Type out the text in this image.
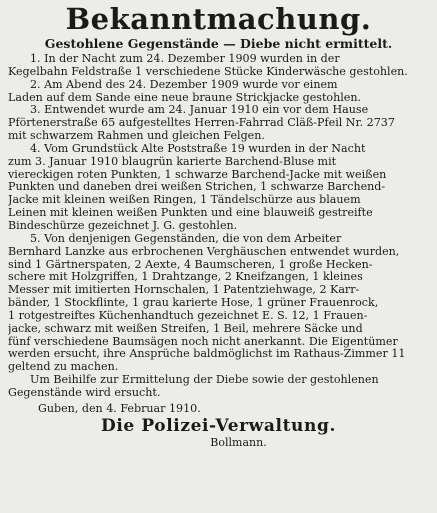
Bekanntmachung.
Gestohlene Gegenstände — Diebe nicht ermittelt.
1. In der Nacht zum 24. Dezember 1909 wurden in der
Kegelbahn Feldstraße 1 verschiedene Stücke Kinderwäsche gestohlen.
2. Am Abend des 24. Dezember 1909 wurde vor einem
Laden auf dem Sande eine neue braune Strickjacke gestohlen.
3. Entwendet wurde am 24. Januar 1910 ein vor dem Hause
Pförtenerstraße 65 aufgestelltes Herren-Fahrrad Cläß-Pfeil Nr. 2737
mit schwarzem Rahmen und gleichen Felgen.
4. Vom Grundstück Alte Poststraße 19 wurden in der Nacht
zum 3. Januar 1910 blaugrün karierte Barchend-Bluse mit
viereckigen roten Punkten, 1 schwarze Barchend-Jacke mit weißen
Punkten und daneben drei weißen Strichen, 1 schwarze Barchend-
Jacke mit kleinen weißen Ringen, 1 Tändelschürze aus blauem
Leinen mit kleinen weißen Punkten und eine blauweiß gestreifte
Bindeschürze gezeichnet J. G. gestohlen.
5. Von denjenigen Gegenständen, die von dem Arbeiter
Bernhard Lanzke aus erbrochenen Verghäuschen entwendet wurden,
sind 1 Gärtnerspaten, 2 Aexte, 4 Baumscheren, 1 große Hecken-
schere mit Holzgriffen, 1 Drahtzange, 2 Kneifzangen, 1 kleines
Messer mit imitierten Hornschalen, 1 Patentziehwage, 2 Karr-
bänder, 1 Stockflinte, 1 grau karierte Hose, 1 grüner Frauenrock,
1 rotgestreiftes Küchenhandtuch gezeichnet E. S. 12, 1 Frauen-
jacke, schwarz mit weißen Streifen, 1 Beil, mehrere Säcke und
fünf verschiedene Baumsägen noch nicht anerkannt. Die Eigentümer
werden ersucht, ihre Ansprüche baldmöglichst im Rathaus-Zimmer 11
geltend zu machen.
Um Beihilfe zur Ermittelung der Diebe sowie der gestohlenen
Gegenstände wird ersucht.
Guben, den 4. Februar 1910.
Die Polizei-Verwaltung.
Bollmann.
